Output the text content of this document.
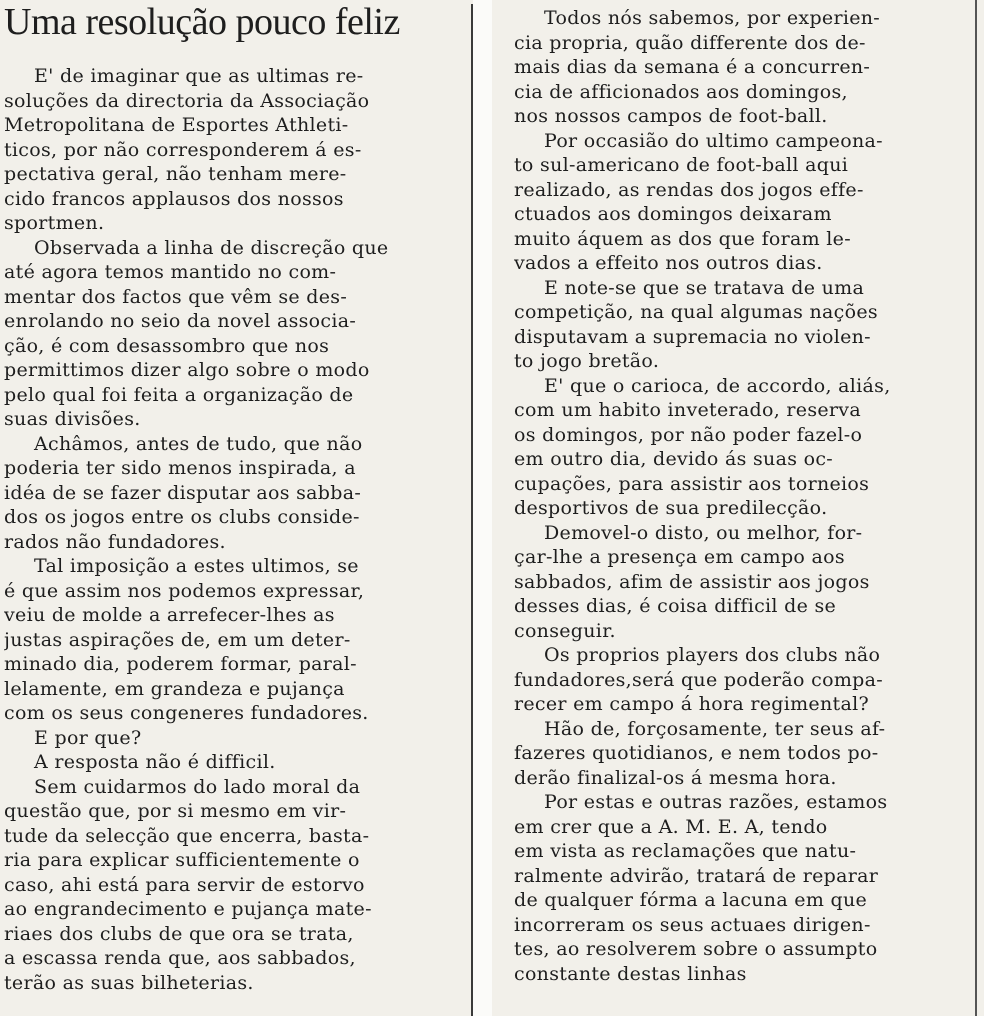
Uma resolução pouco feliz
E' de imaginar que as ultimas re-
soluções da directoria da Associação
Metropolitana de Esportes Athleti-
ticos, por não corresponderem á es-
pectativa geral, não tenham mere-
cido francos applausos dos nossos
sportmen.
Observada a linha de discreção que
até agora temos mantido no com-
mentar dos factos que vêm se des-
enrolando no seio da novel associa-
ção, é com desassombro que nos
permittimos dizer algo sobre o modo
pelo qual foi feita a organização de
suas divisões.
Achâmos, antes de tudo, que não
poderia ter sido menos inspirada, a
idéa de se fazer disputar aos sabba-
dos os jogos entre os clubs conside-
rados não fundadores.
Tal imposição a estes ultimos, se
é que assim nos podemos expressar,
veiu de molde a arrefecer-lhes as
justas aspirações de, em um deter-
minado dia, poderem formar, paral-
lelamente, em grandeza e pujança
com os seus congeneres fundadores.
E por que?
A resposta não é difficil.
Sem cuidarmos do lado moral da
questão que, por si mesmo em vir-
tude da selecção que encerra, basta-
ria para explicar sufficientemente o
caso, ahi está para servir de estorvo
ao engrandecimento e pujança mate-
riaes dos clubs de que ora se trata,
a escassa renda que, aos sabbados,
terão as suas bilheterias.
Todos nós sabemos, por experien-
cia propria, quão differente dos de-
mais dias da semana é a concurren-
cia de afficionados aos domingos,
nos nossos campos de foot-ball.
Por occasião do ultimo campeona-
to sul-americano de foot-ball aqui
realizado, as rendas dos jogos effe-
ctuados aos domingos deixaram
muito áquem as dos que foram le-
vados a effeito nos outros dias.
E note-se que se tratava de uma
competição, na qual algumas nações
disputavam a supremacia no violen-
to jogo bretão.
E' que o carioca, de accordo, aliás,
com um habito inveterado, reserva
os domingos, por não poder fazel-o
em outro dia, devido ás suas oc-
cupações, para assistir aos torneios
desportivos de sua predilecção.
Demovel-o disto, ou melhor, for-
çar-lhe a presença em campo aos
sabbados, afim de assistir aos jogos
desses dias, é coisa difficil de se
conseguir.
Os proprios players dos clubs não
fundadores,será que poderão compa-
recer em campo á hora regimental?
Hão de, forçosamente, ter seus af-
fazeres quotidianos, e nem todos po-
derão finalizal-os á mesma hora.
Por estas e outras razões, estamos
em crer que a A. M. E. A, tendo
em vista as reclamações que natu-
ralmente advirão, tratará de reparar
de qualquer fórma a lacuna em que
incorreram os seus actuaes dirigen-
tes, ao resolverem sobre o assumpto
constante destas linhas
